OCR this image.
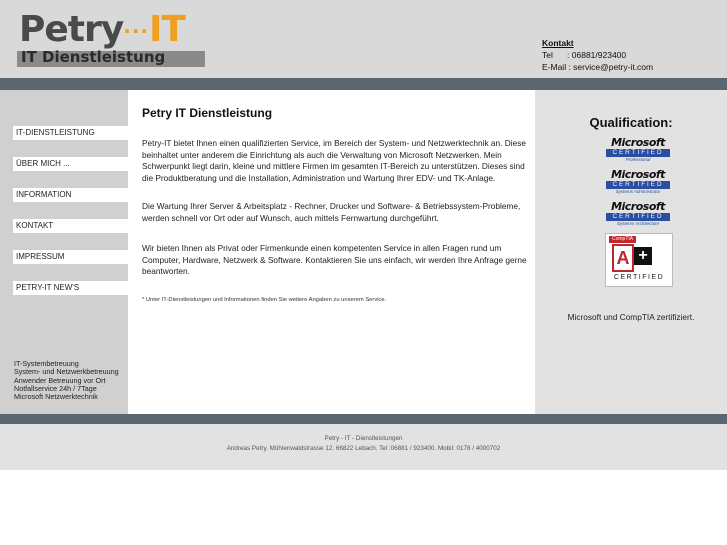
Petry···IT
IT Dienstleistung
Kontakt
Tel : 06881/923400
E-Mail : service@petry-it.com
IT-DIENSTLEISTUNG
ÜBER MICH ...
INFORMATION
KONTAKT
IMPRESSUM
PETRY-IT NEW'S
IT-Systembetreuung
System- und Netzwerkbetreuung
Anwender Betreuung vor Ort
Notfallservice 24h / 7Tage
Microsoft Netzwerktechnik
Petry IT Dienstleistung

Petry-IT bietet Ihnen einen qualifizierten Service, im Bereich der System- und Netzwerktechnik an. Diese beinhaltet unter anderem die Einrichtung als auch die Verwaltung von Microsoft Netzwerken. Mein Schwerpunkt liegt darin, kleine und mittlere Firmen im gesamten IT-Bereich zu unterstützen. Dieses sind die Produktberatung und die Installation, Administration und Wartung Ihrer EDV- und TK-Anlage.

Die Wartung Ihrer Server & Arbeitsplatz - Rechner, Drucker und Software- & Betriebssystem-Probleme, werden schnell vor Ort oder auf Wunsch, auch mittels Fernwartung durchgeführt.

Wir bieten Ihnen als Privat oder Firmenkunde einen kompetenten Service in allen Fragen rund um Computer, Hardware, Netzwerk & Software. Kontaktieren Sie uns einfach, wir werden Ihre Anfrage gerne beantworten.

* Unter IT-Dienstleistungen und Informationen finden Sie weitere Angaben zu unserem Service.
Qualification:
Microsoft
CERTIFIED
Professional
Microsoft
CERTIFIED
Systems Administrator
Microsoft
CERTIFIED
Systems Architecture
CompTIA
A +
CERTIFIED
Microsoft und CompTIA zertifiziert.
Petry - IT - Dienstleistungen
Andreas Petry. Mühlenwaldstrasse 12. 66822 Lebach. Tel :06881 / 923400. Mobil: 0178 / 4000702
